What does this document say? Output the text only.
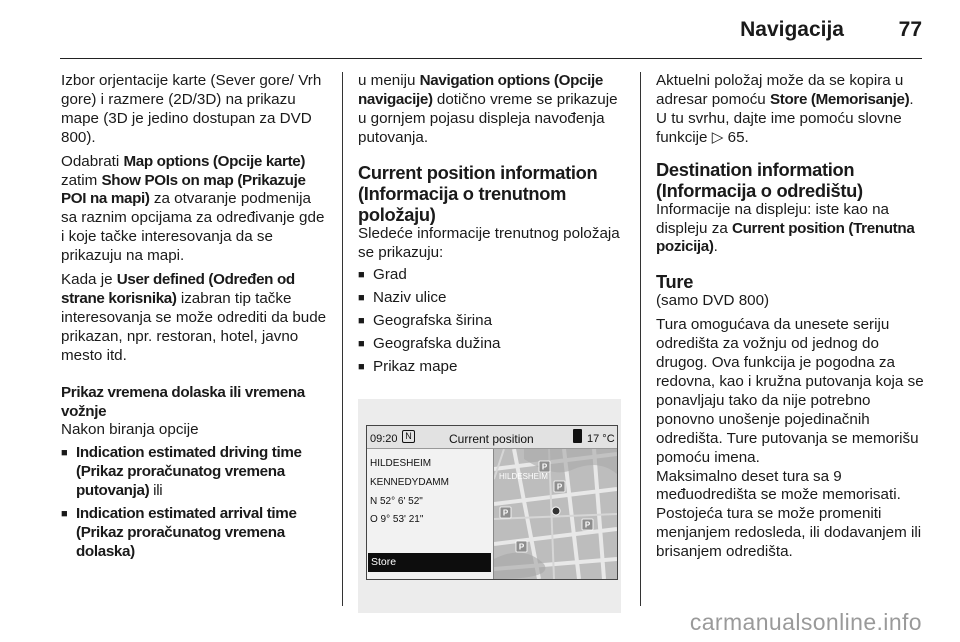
Navigacija	77

Izbor orjentacije karte (Sever gore/ Vrh gore) i razmere (2D/3D) na prikazu mape (3D je jedino dostupan za DVD 800).

Odabrati Map options (Opcije karte) zatim Show POIs on map (Prikazuje POI na mapi) za otvaranje podmenija sa raznim opcijama za određivanje gde i koje tačke interesovanja da se prikazuju na mapi.

Kada je User defined (Određen od strane korisnika) izabran tip tačke interesovanja se može odrediti da bude prikazan, npr. restoran, hotel, javno mesto itd.

Prikaz vremena dolaska ili vremena vožnje

Nakon biranja opcije

■ Indication estimated driving time (Prikaz proračunatog vremena putovanja) ili
■ Indication estimated arrival time (Prikaz proračunatog vremena dolaska)

u meniju Navigation options (Opcije navigacije) dotično vreme se prikazuje u gornjem pojasu displeja navođenja putovanja.

Current position information (Informacija o trenutnom položaju)

Sledeće informacije trenutnog položaja se prikazuju:

■ Grad
■ Naziv ulice
■ Geografska širina
■ Geografska dužina
■ Prikaz mape
09:20 N	Current position	17 °C
HILDESHEIM
KENNEDYDAMM
N 52° 6' 52"
O 9° 53' 21"
Store
HILDESHEIM
P
P
P
P
P

Aktuelni položaj može da se kopira u adresar pomoću Store (Memorisanje). U tu svrhu, dajte ime pomoću slovne funkcije ▷ 65.

Destination information (Informacija o odredištu)

Informacije na displeju: iste kao na displeju za Current position (Trenutna pozicija).

Ture

(samo DVD 800)

Tura omogućava da unesete seriju odredišta za vožnju od jednog do drugog. Ova funkcija je pogodna za redovna, kao i kružna putovanja koja se ponavljaju tako da nije potrebno ponovno unošenje pojedinačnih odredišta. Ture putovanja se memorišu pomoću imena.

Maksimalno deset tura sa 9 međuodredišta se može memorisati. Postojeća tura se može promeniti menjanjem redosleda, ili dodavanjem ili brisanjem odredišta.

carmanualsonline.info
